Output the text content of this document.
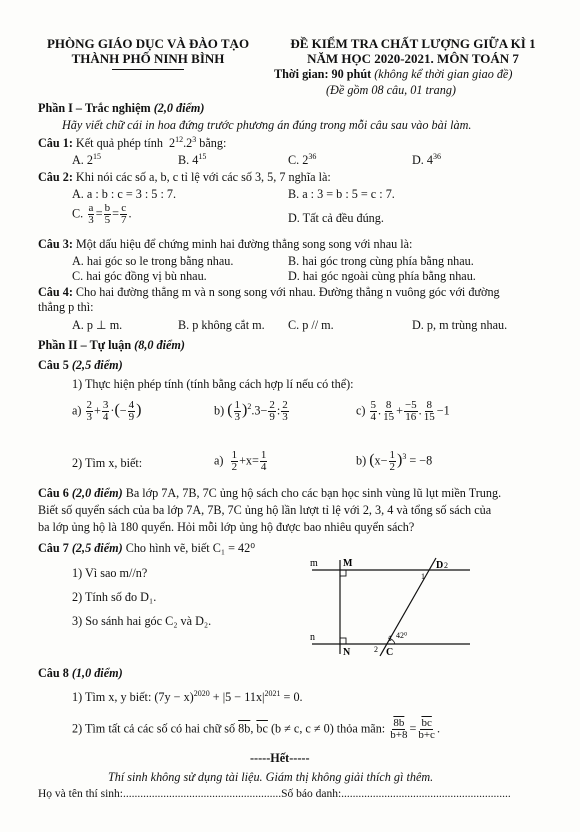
PHÒNG GIÁO DỤC VÀ ĐÀO TẠO
THÀNH PHỐ NINH BÌNH
ĐỀ KIỂM TRA CHẤT LƯỢNG GIỮA KÌ 1
NĂM HỌC 2020-2021. MÔN TOÁN 7
Thời gian: 90 phút (không kể thời gian giao đề)
(Đề gồm 08 câu, 01 trang)
Phần I – Trắc nghiệm (2,0 điểm)
Hãy viết chữ cái in hoa đứng trước phương án đúng trong mỗi câu sau vào bài làm.
Câu 1: Kết quả phép tính $2^{12}.2^3$ bằng:
A. $2^{15}$	B. $4^{15}$	C. $2^{36}$	D. $4^{36}$
Câu 2: Khi nói các số a, b, c tỉ lệ với các số 3, 5, 7 nghĩa là:
A. a : b : c = 3 : 5 : 7.	B. a : 3 = b : 5 = c : 7.
C. $\frac{a}{3} = \frac{b}{5} = \frac{c}{7}$ .	D. Tất cả đều đúng.
Câu 3: Một dấu hiệu để chứng minh hai đường thẳng song song với nhau là:
A. hai góc so le trong bằng nhau.	B. hai góc trong cùng phía bằng nhau.
C. hai góc đồng vị bù nhau.	D. hai góc ngoài cùng phía bằng nhau.
Câu 4: Cho hai đường thẳng m và n song song với nhau. Đường thẳng n vuông góc với đường
thẳng p thì:
A. p ⊥ m.	B. p không cắt m. C. p // m.	D. p, m trùng nhau.
Phần II – Tự luận (8,0 điểm)
Câu 5 (2,5 điểm)
1) Thực hiện phép tính (tính bằng cách hợp lí nếu có thể):
$a) \frac{2}{3} + \frac{3}{4}$ ·(− $\frac{4}{9}$ )	b) ( $\frac{1}{3} )^2.3- \frac{2}{9}$ : $\frac{2}{3}$	$c) \frac{5}{4}$ . $\frac{8}{15} + \frac{-5}{16}$ . $\frac{8}{15} -1$
2) Tìm x, biết:	$a) \frac{1}{2} +x= \frac{1}{4}$	b) $(x- \frac{1}{2} )^3 = -8$
Câu 6 (2,0 điểm) Ba lớp 7A, 7B, 7C ủng hộ sách cho các bạn học sinh vùng lũ lụt miền Trung.
Biết số quyển sách của ba lớp 7A, 7B, 7C ủng hộ lần lượt tỉ lệ với 2, 3, 4 và tổng số sách của
ba lớp ủng hộ là 180 quyển. Hỏi mỗi lớp ủng hộ được bao nhiêu quyển sách?
Câu 7 (2,5 điểm) Cho hình vẽ, biết C₁ = 42⁰
1) Vì sao m//n?
2) Tính số đo D₁.
3) So sánh hai góc C₂ và D₂.
m
n
M
N
D 2
1
C
2
1 42⁰
Câu 8 (1,0 điểm)
1) Tìm x, y biết: $(7y - x)^{2020} + |5 - 11x|^{2021} = 0$.
2) Tìm tất cả các số có hai chữ số 8b, $\overline{bc}$ (b ≠ c, c ≠ 0) thỏa mãn: $\frac{8b}{b+8} = \frac{\overline{bc}}{b+c}$ .
-----Hết-----
Thí sinh không sử dụng tài liệu. Giám thị không giải thích gì thêm.
Họ và tên thí sinh:.......................................................Số báo danh:...........................................................
